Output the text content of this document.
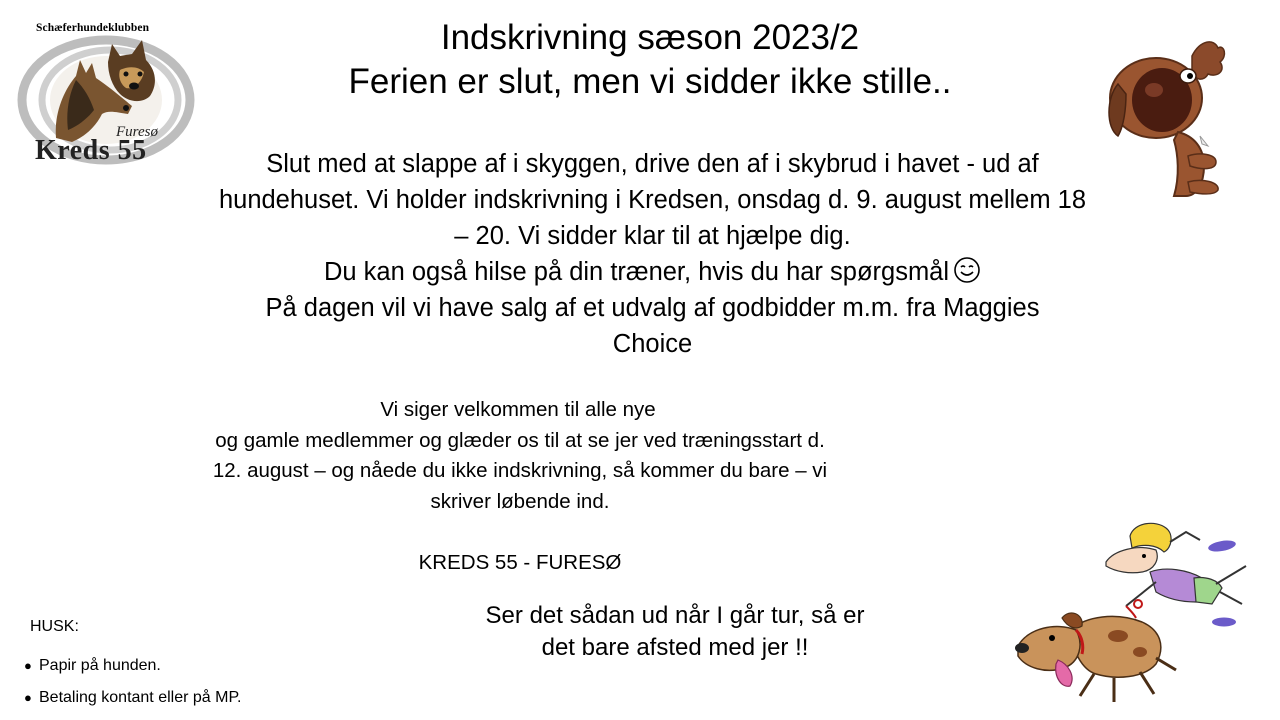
Schæferhundeklubben
Furesø
Kreds 55
Indskrivning sæson 2023/2
Ferien er slut, men vi sidder ikke stille..
Slut med at slappe af i skyggen, drive den af i skybrud i havet - ud af
hundehuset. Vi holder indskrivning i Kredsen, onsdag d. 9. august mellem 18
– 20. Vi sidder klar til at hjælpe dig.
Du kan også hilse på din træner, hvis du har spørgsmål
På dagen vil vi have salg af et udvalg af godbidder m.m. fra Maggies
Choice
Vi siger velkommen til alle nye
og gamle medlemmer og glæder os til at se jer ved træningsstart d.
12. august – og nåede du ikke indskrivning, så kommer du bare – vi
skriver løbende ind.
KREDS 55 - FURESØ
Ser det sådan ud når I går tur, så er
det bare afsted med jer !!
HUSK:
● Papir på hunden.
● Betaling kontant eller på MP.
